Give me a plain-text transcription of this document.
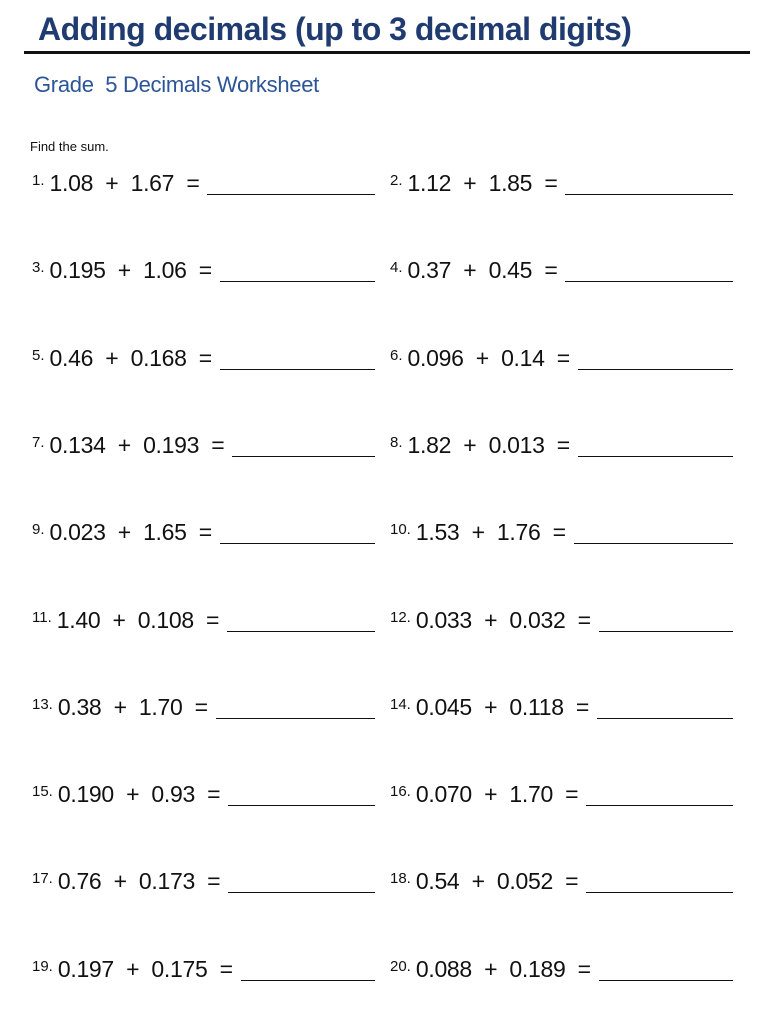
Adding decimals (up to 3 decimal digits)
Grade  5 Decimals Worksheet
Find the sum.
1. 1.08  +  1.67  =	2. 1.12  +  1.85  =
3. 0.195  +  1.06  =	4. 0.37  +  0.45  =
5. 0.46  +  0.168  =	6. 0.096  +  0.14  =
7. 0.134  +  0.193  =	8. 1.82  +  0.013  =
9. 0.023  +  1.65  =	10. 1.53  +  1.76  =
11. 1.40  +  0.108  =	12. 0.033  +  0.032  =
13. 0.38  +  1.70  =	14. 0.045  +  0.118  =
15. 0.190  +  0.93  =	16. 0.070  +  1.70  =
17. 0.76  +  0.173  =	18. 0.54  +  0.052  =
19. 0.197  +  0.175  =	20. 0.088  +  0.189  =
